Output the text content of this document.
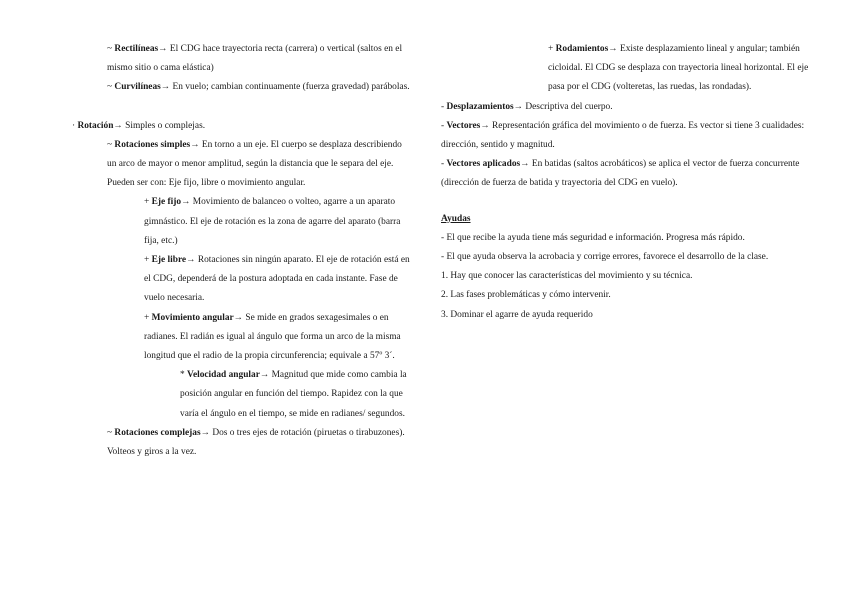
~ Rectilíneas→ El CDG hace trayectoria recta (carrera) o vertical (saltos en el mismo sitio o cama elástica)

~ Curvilíneas→ En vuelo; cambian continuamente (fuerza gravedad) parábolas.

· Rotación→ Simples o complejas.

~ Rotaciones simples→ En torno a un eje. El cuerpo se desplaza describiendo un arco de mayor o menor amplitud, según la distancia que le separa del eje. Pueden ser con: Eje fijo, libre o movimiento angular.

+ Eje fijo→ Movimiento de balanceo o volteo, agarre a un aparato gimnástico. El eje de rotación es la zona de agarre del aparato (barra fija, etc.)

+ Eje libre→ Rotaciones sin ningún aparato. El eje de rotación está en el CDG, dependerá de la postura adoptada en cada instante. Fase de vuelo necesaria.

+ Movimiento angular→ Se mide en grados sexagesimales o en radianes. El radián es igual al ángulo que forma un arco de la misma longitud que el radio de la propia circunferencia; equivale a 57º 3´.

* Velocidad angular→ Magnitud que mide como cambia la posición angular en función del tiempo. Rapidez con la que varía el ángulo en el tiempo, se mide en radianes/ segundos.

~ Rotaciones complejas→ Dos o tres ejes de rotación (piruetas o tirabuzones). Volteos y giros a la vez.

+ Rodamientos→ Existe desplazamiento lineal y angular; también cicloidal. El CDG se desplaza con trayectoria lineal horizontal. El eje pasa por el CDG (volteretas, las ruedas, las rondadas).

- Desplazamientos→ Descriptiva del cuerpo.

- Vectores→ Representación gráfica del movimiento o de fuerza. Es vector si tiene 3 cualidades: dirección, sentido y magnitud.

- Vectores aplicados→ En batidas (saltos acrobáticos) se aplica el vector de fuerza concurrente (dirección de fuerza de batida y trayectoria del CDG en vuelo).

Ayudas

- El que recibe la ayuda tiene más seguridad e información. Progresa más rápido.

- El que ayuda observa la acrobacia y corrige errores, favorece el desarrollo de la clase.

1. Hay que conocer las características del movimiento y su técnica.

2. Las fases problemáticas y cómo intervenir.

3. Dominar el agarre de ayuda requerido
